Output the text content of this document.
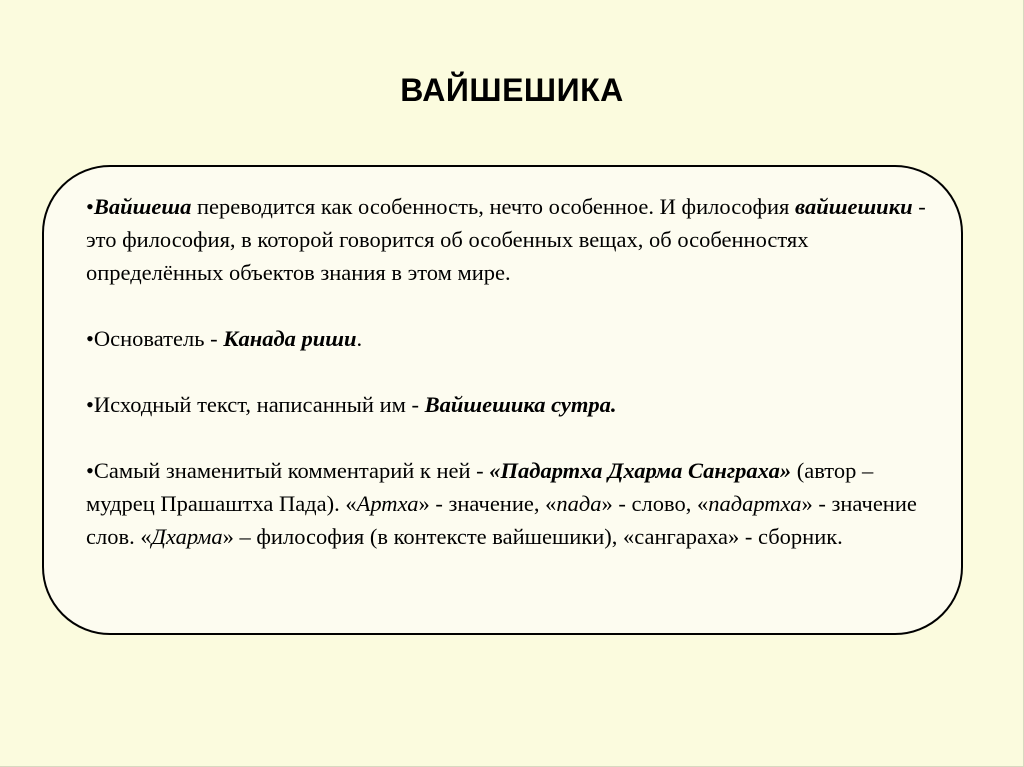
ВАЙШЕШИКА

•Вайшеша переводится как особенность, нечто особенное. И философия вайшешики - это философия, в которой говорится об особенных вещах, об особенностях определённых объектов знания в этом мире.

•Основатель - Канада риши.

•Исходный текст, написанный им - Вайшешика сутра.

•Самый знаменитый комментарий к ней - «Падартха Дхарма Санграха» (автор – мудрец Прашаштха Пада). «Артха» - значение, «пада» - слово, «падартха» - значение слов. «Дхарма» – философия (в контексте вайшешики), «сангараха» - сборник.
